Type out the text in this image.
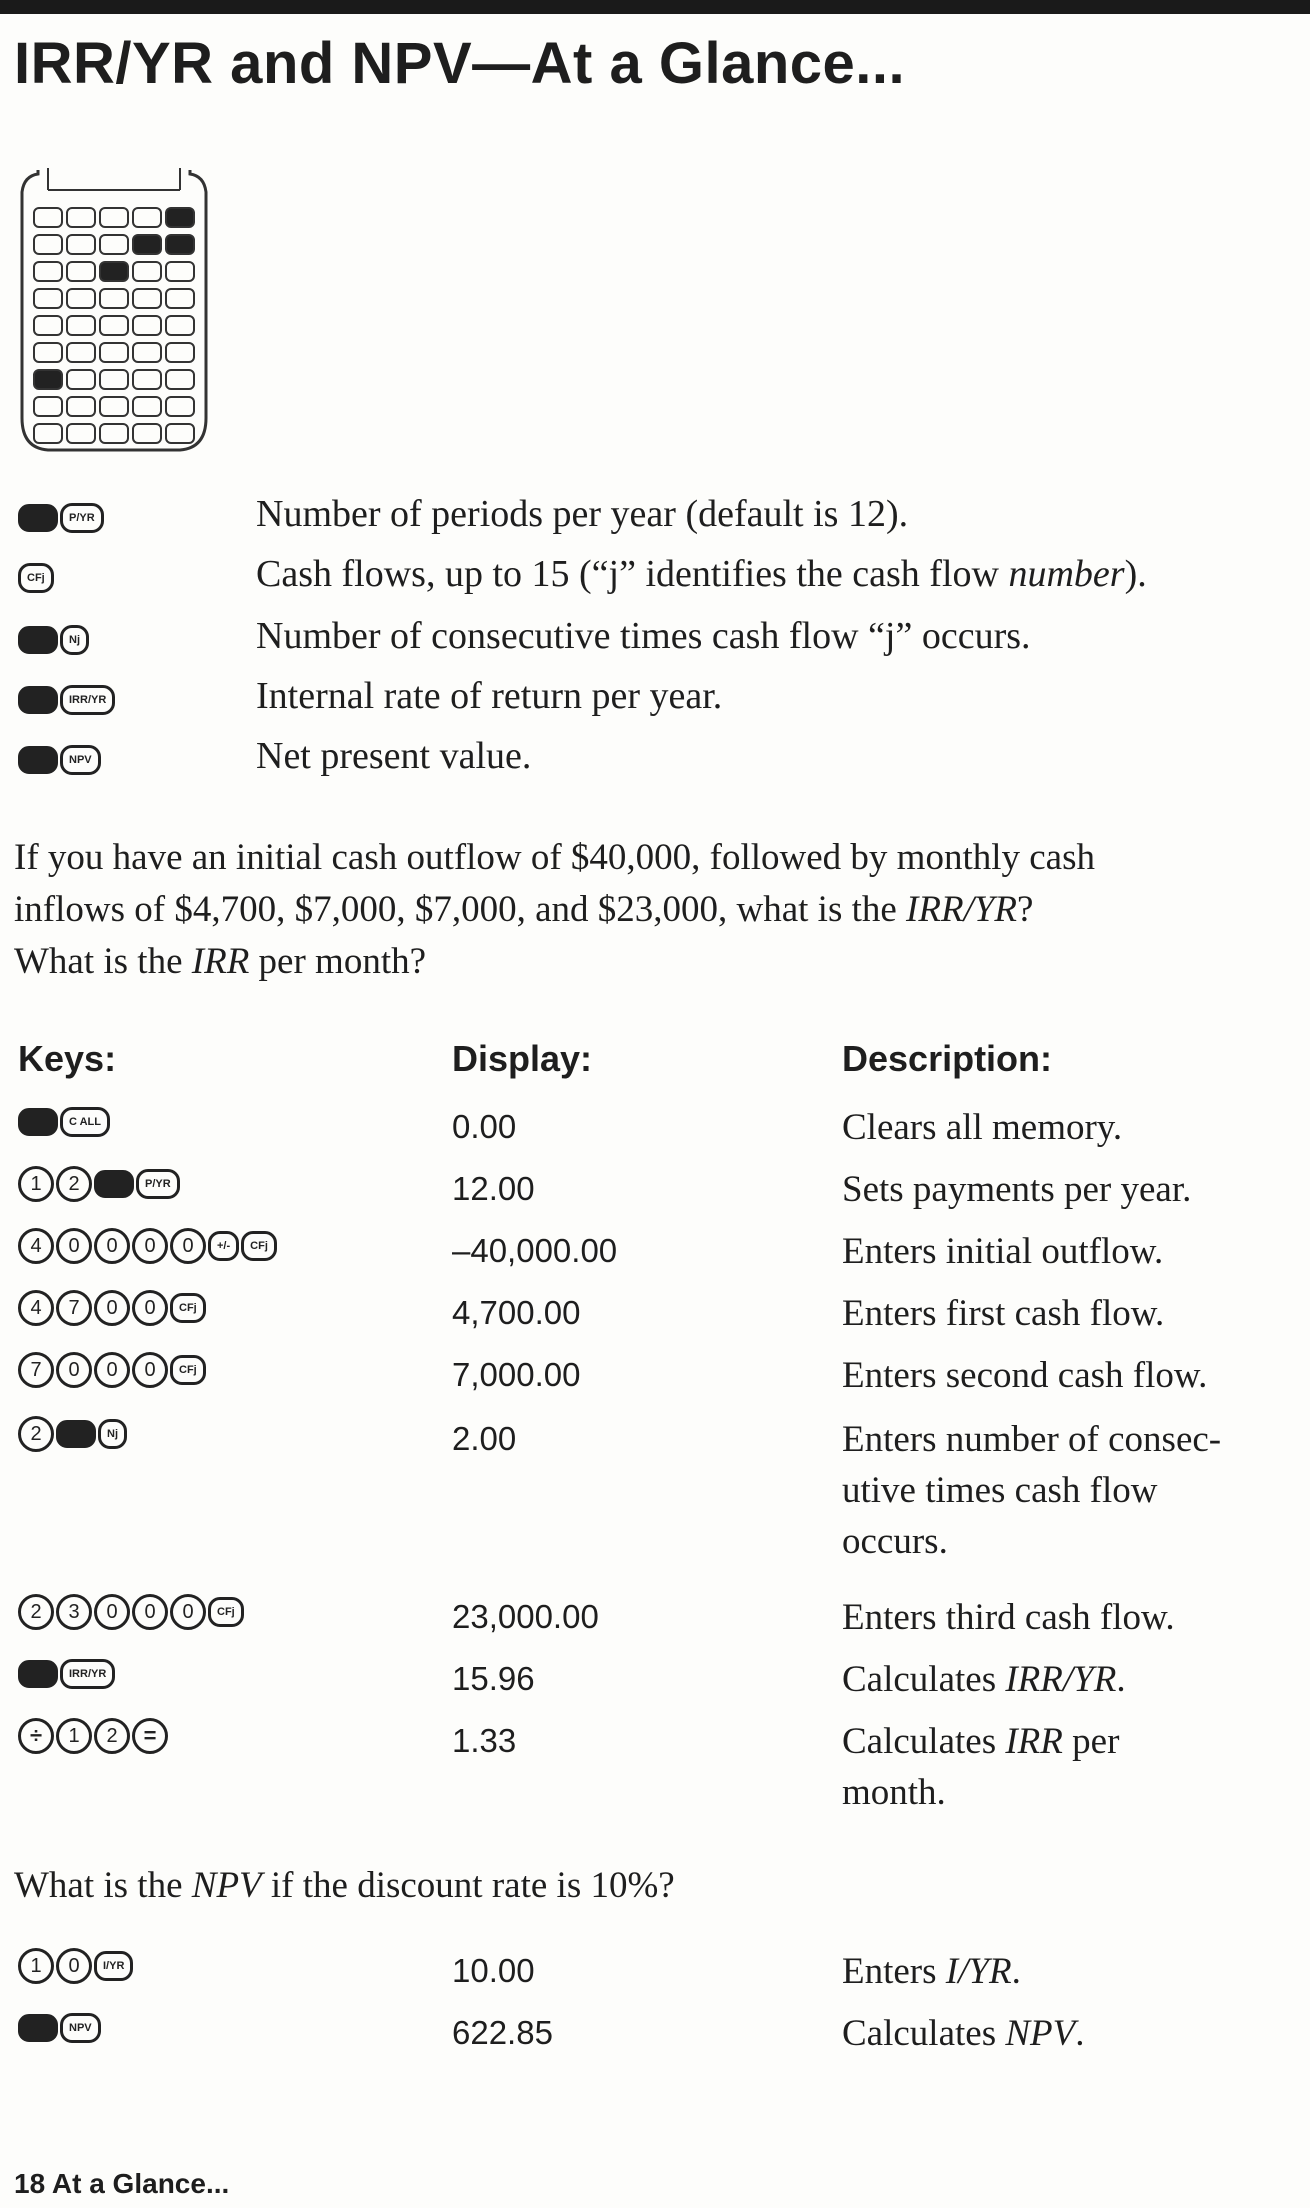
IRR/YR and NPV—At a Glance...
P/YR	Number of periods per year (default is 12).
CFj	Cash flows, up to 15 (“j” identifies the cash flow number).
Nj	Number of consecutive times cash flow “j” occurs.
IRR/YR	Internal rate of return per year.
NPV	Net present value.
If you have an initial cash outflow of $40,000, followed by monthly cash
inflows of $4,700, $7,000, $7,000, and $23,000, what is the IRR/YR?
What is the IRR per month?
Keys:	Display:	Description:
C ALL	0.00	Clears all memory.
1	2	P/YR	12.00	Sets payments per year.
4	0	0	0	0	+/-	CFj	–40,000.00	Enters initial outflow.
4	7	0	0	CFj	4,700.00	Enters first cash flow.
7	0	0	0	CFj	7,000.00	Enters second cash flow.
2	Nj	2.00	Enters number of consec-
utive times cash flow
occurs.
2	3	0	0	0	CFj	23,000.00	Enters third cash flow.
IRR/YR	15.96	Calculates IRR/YR.
÷	1	2	=	1.33	Calculates IRR per
month.
What is the NPV if the discount rate is 10%?
1	0	I/YR	10.00	Enters I/YR.
NPV	622.85	Calculates NPV.
18 At a Glance...
